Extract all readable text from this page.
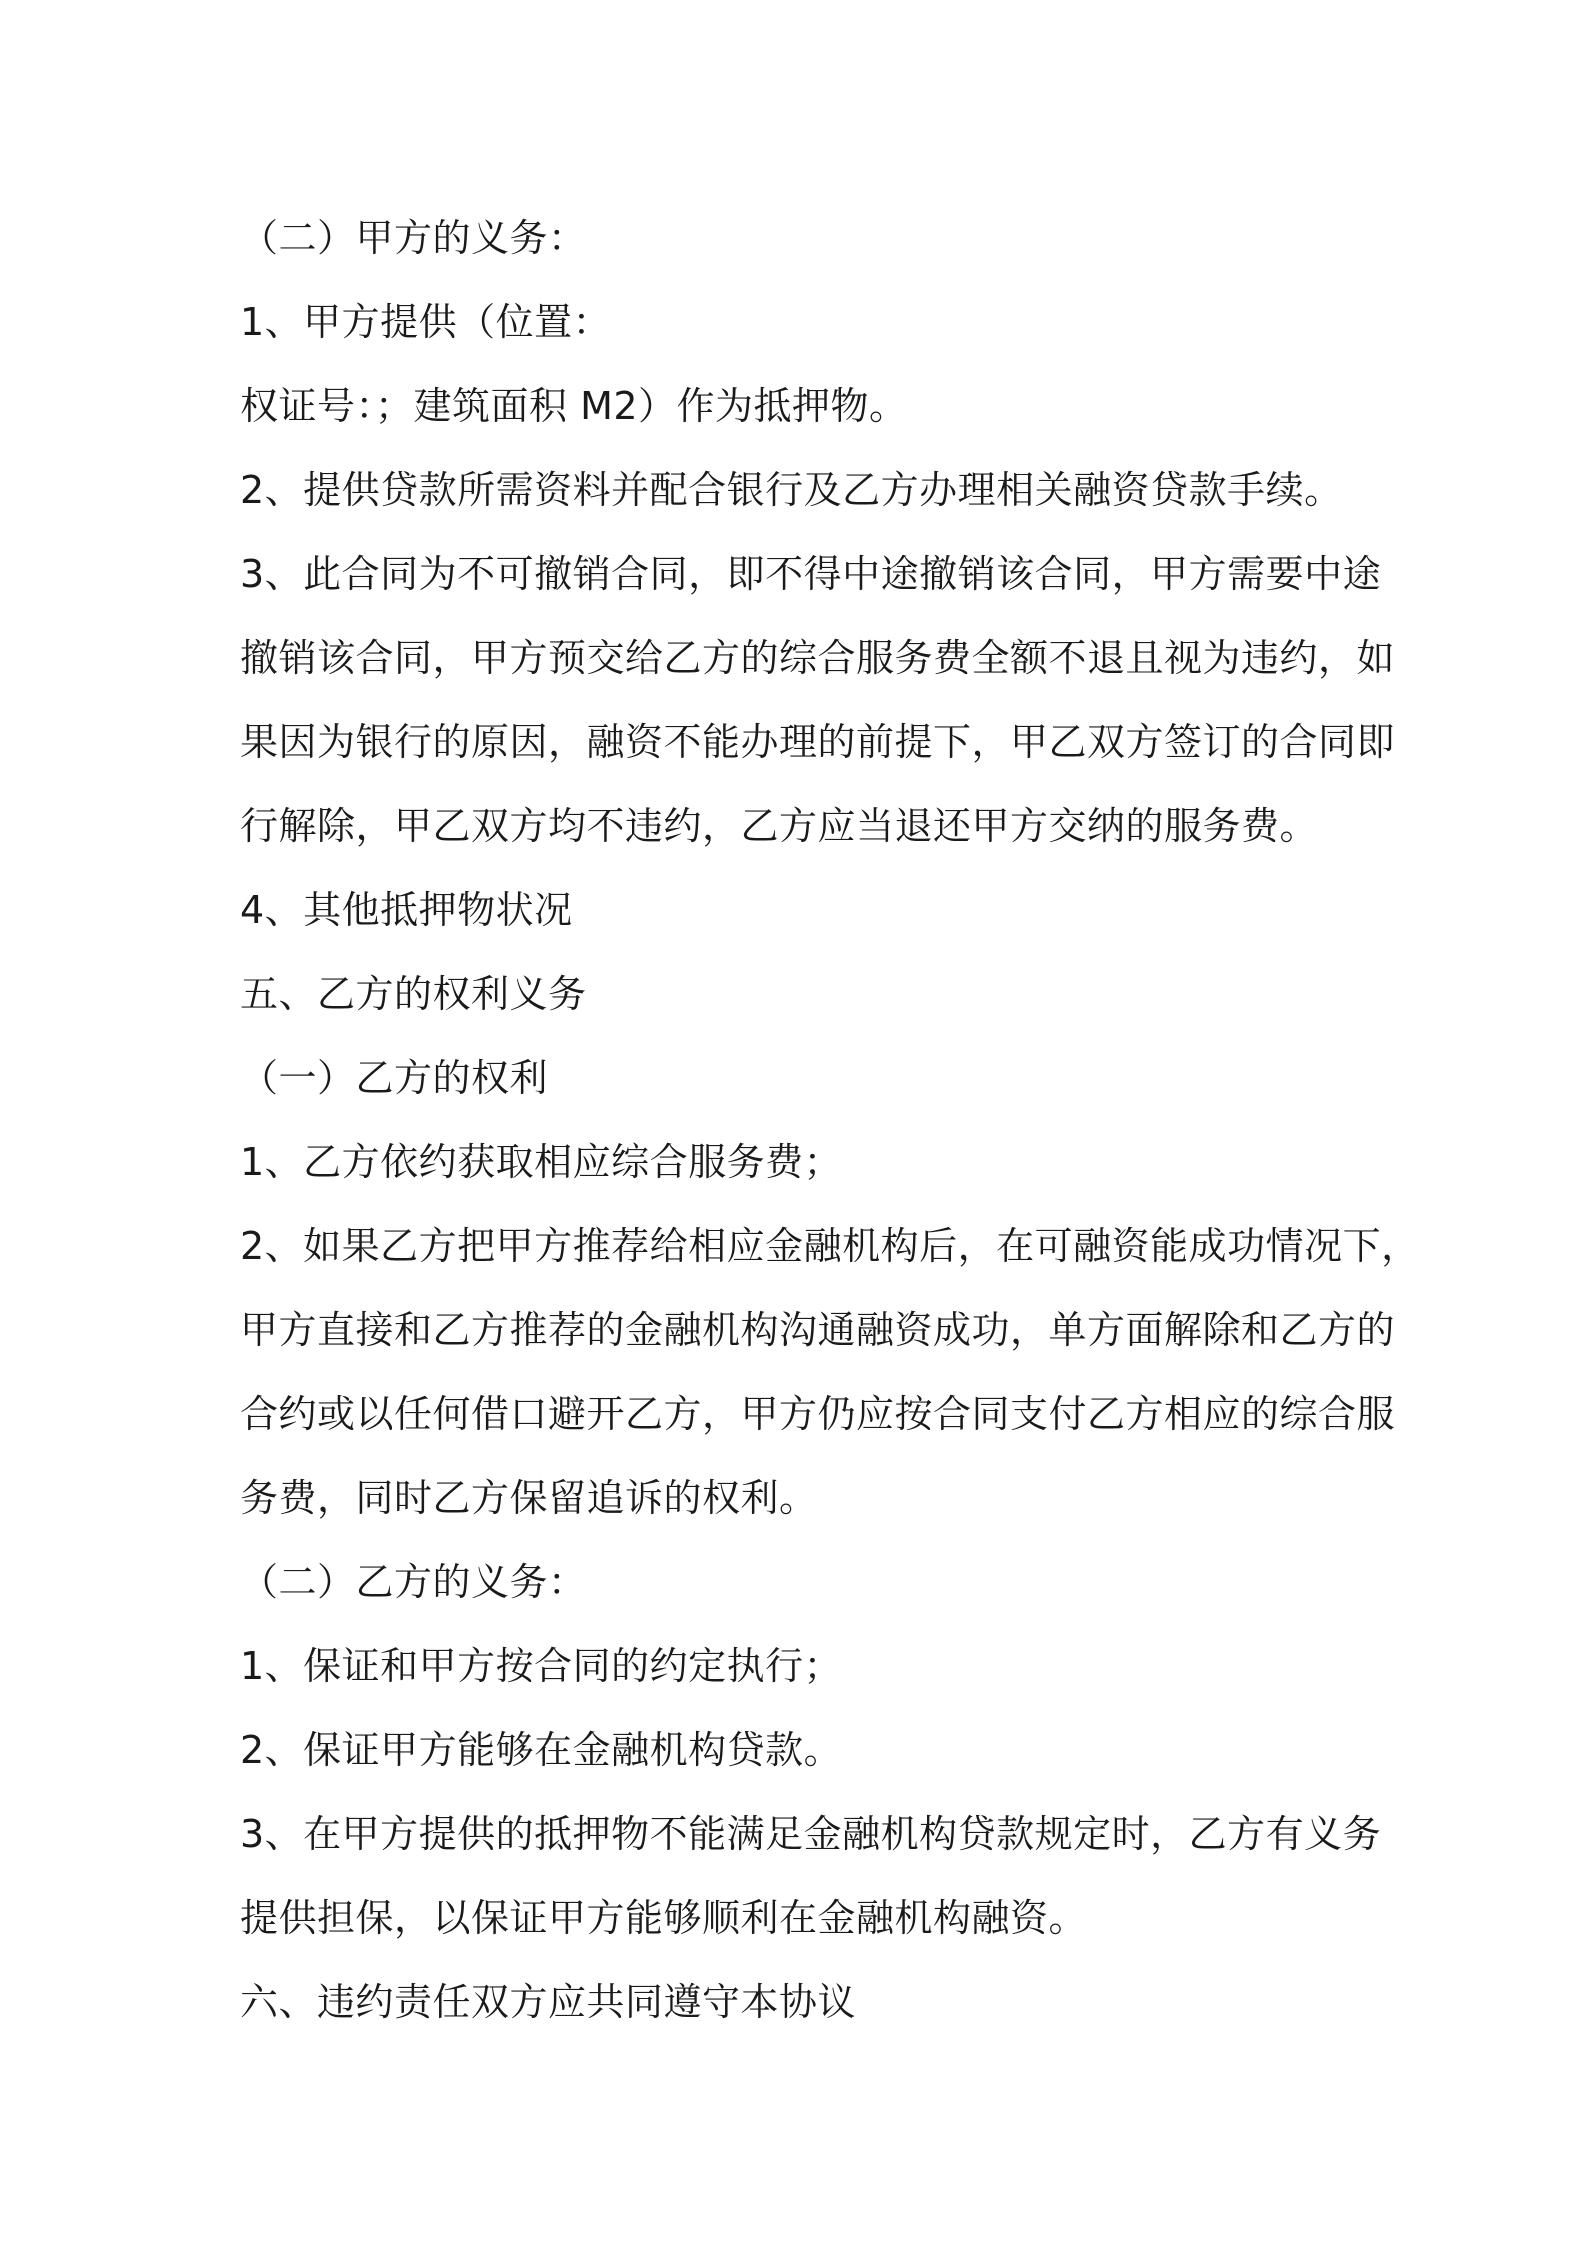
（二）甲方的义务：
1、甲方提供（位置：
权证号：；建筑面积 M2）作为抵押物。
2、提供贷款所需资料并配合银行及乙方办理相关融资贷款手续。
3、此合同为不可撤销合同，即不得中途撤销该合同，甲方需要中途
撤销该合同，甲方预交给乙方的综合服务费全额不退且视为违约，如
果因为银行的原因，融资不能办理的前提下，甲乙双方签订的合同即
行解除，甲乙双方均不违约，乙方应当退还甲方交纳的服务费。
4、其他抵押物状况
五、乙方的权利义务
（一）乙方的权利
1、乙方依约获取相应综合服务费；
2、如果乙方把甲方推荐给相应金融机构后，在可融资能成功情况下，
甲方直接和乙方推荐的金融机构沟通融资成功，单方面解除和乙方的
合约或以任何借口避开乙方，甲方仍应按合同支付乙方相应的综合服
务费，同时乙方保留追诉的权利。
（二）乙方的义务：
1、保证和甲方按合同的约定执行；
2、保证甲方能够在金融机构贷款。
3、在甲方提供的抵押物不能满足金融机构贷款规定时，乙方有义务
提供担保，以保证甲方能够顺利在金融机构融资。
六、违约责任双方应共同遵守本协议
